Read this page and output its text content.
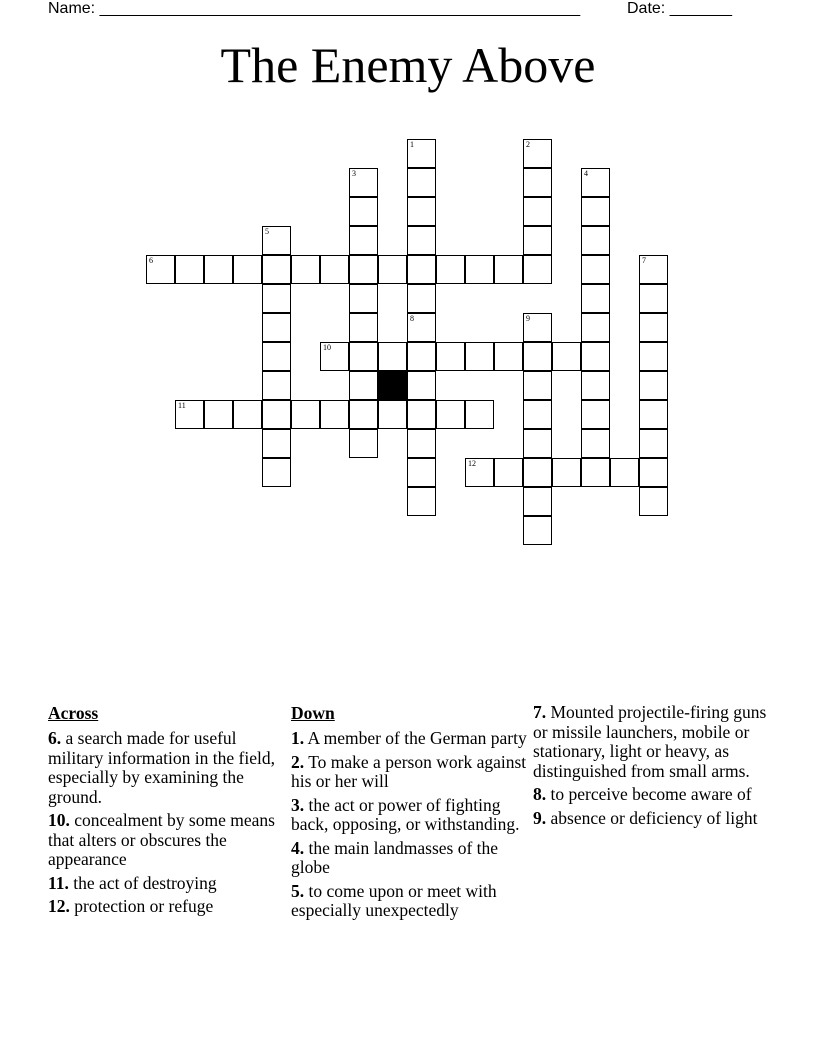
Name: ______________________________________________________	Date: _______
The Enemy Above
6
10
11
12
1
8
2
3	4
5
7
9
Across
6. a search made for useful military information in the field, especially by examining the ground.
10. concealment by some means that alters or obscures the appearance
11. the act of destroying
12. protection or refuge
Down
1. A member of the German party
2. To make a person work against his or her will
3. the act or power of fighting back, opposing, or withstanding.
4. the main landmasses of the globe
5. to come upon or meet with especially unexpectedly
7. Mounted projectile-firing guns or missile launchers, mobile or stationary, light or heavy, as distinguished from small arms.
8. to perceive become aware of
9. absence or deficiency of light
